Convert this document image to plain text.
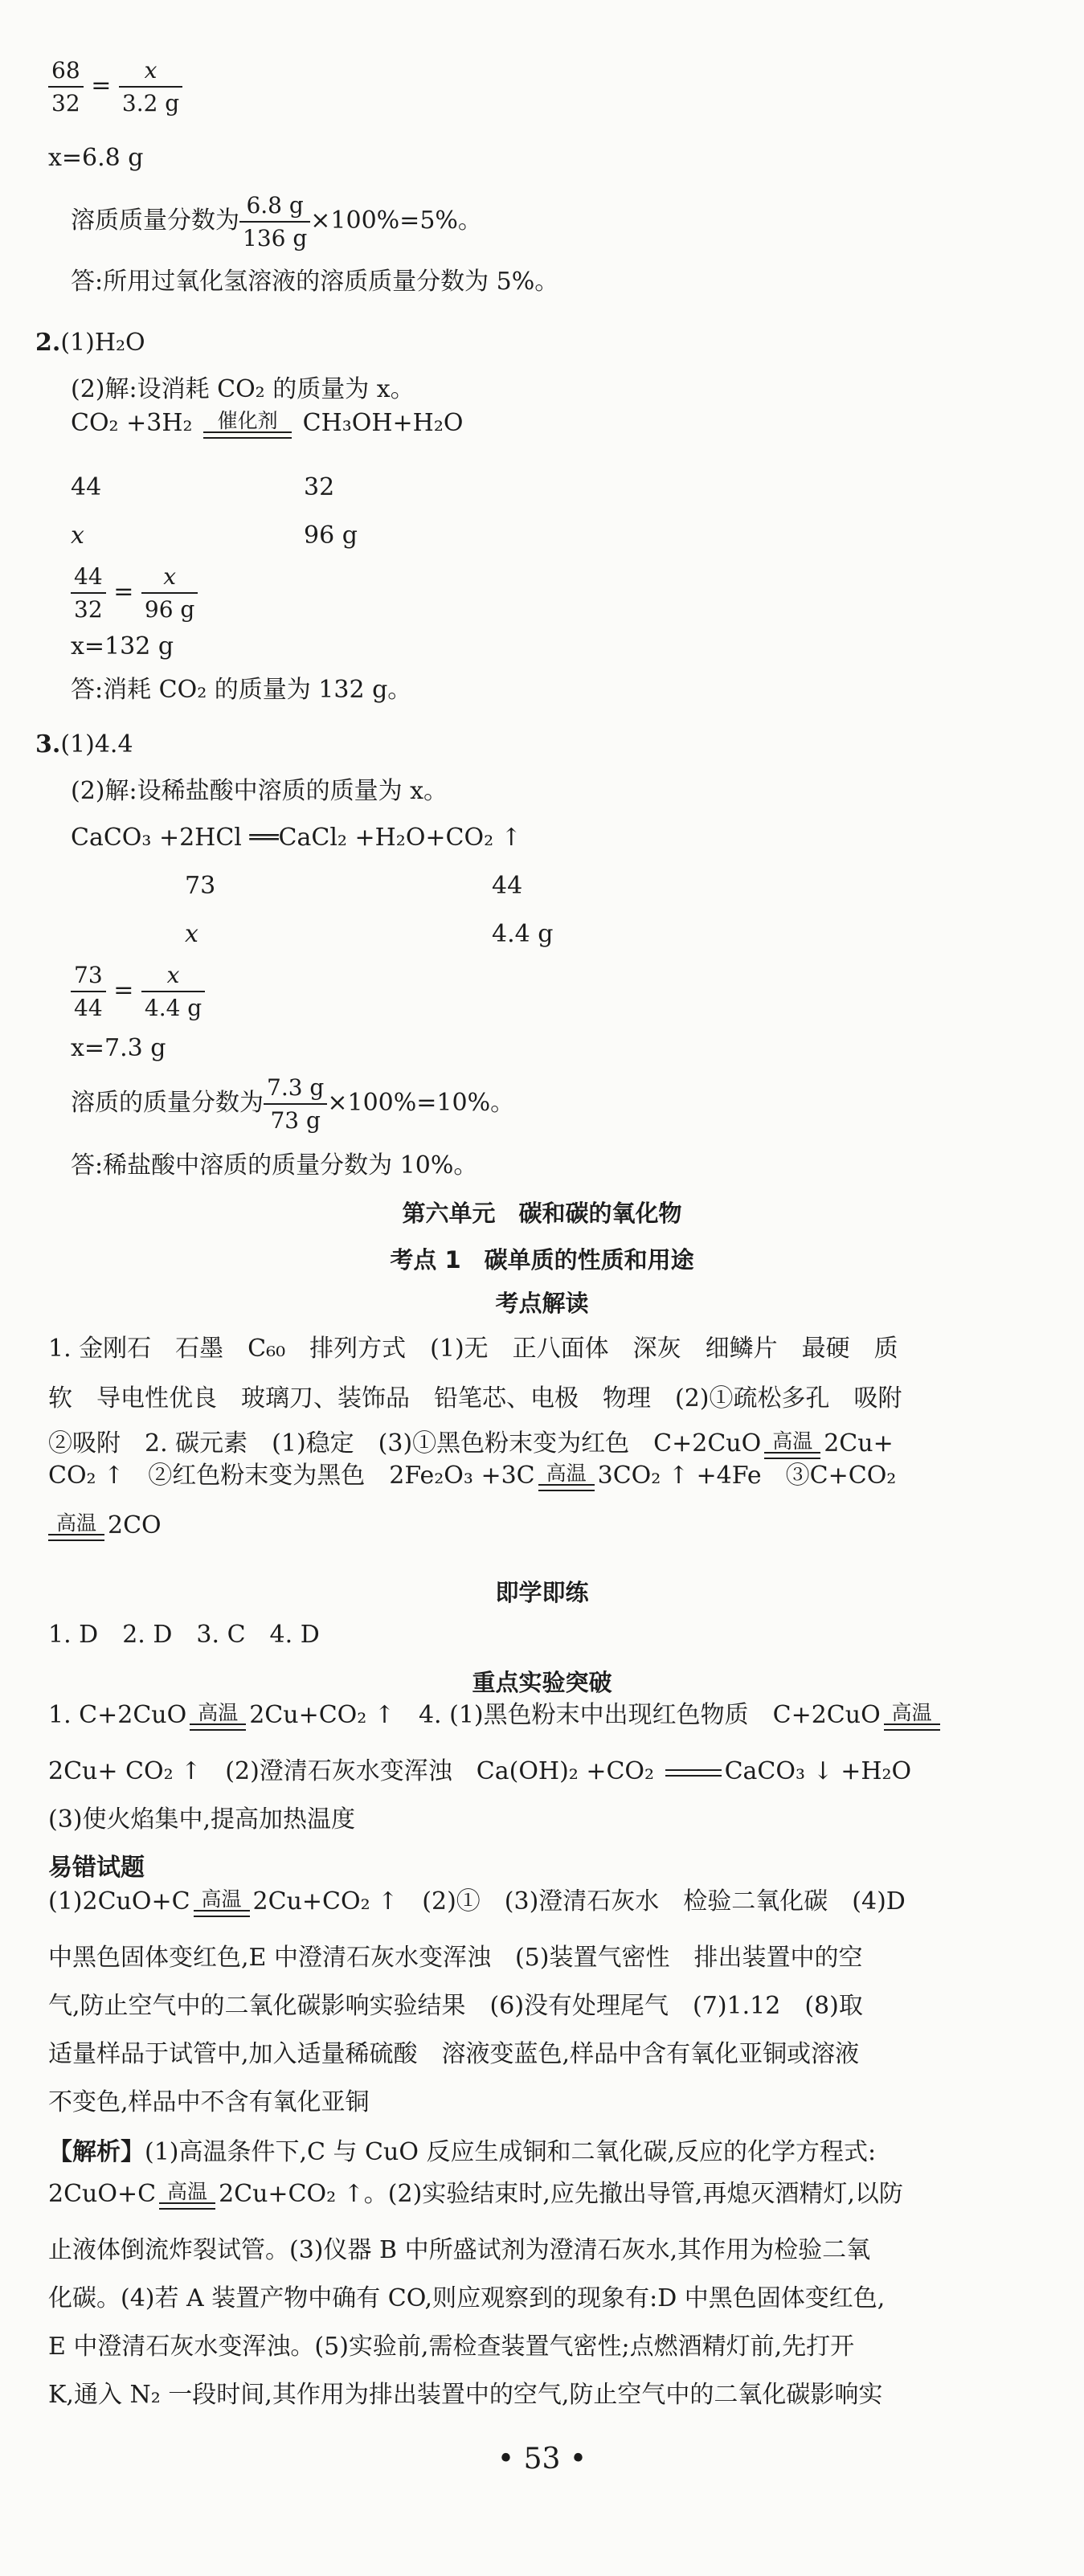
$\frac{68}{32} = \frac{x}{3.2 g}$
x=6.8 g
溶质质量分数为 $\frac{6.8 g}{136 g} \times 100\%=5\%$。
答:所用过氧化氢溶液的溶质质量分数为 5%。
2.(1)H₂O
(2)解:设消耗 CO₂ 的质量为 x。
CO₂ +3H₂	催化剂	CH₃OH+H₂O
44	32
x	96 g
$\frac{44}{32} = \frac{x}{96 g}$
x=132 g
答:消耗 CO₂ 的质量为 132 g。
3.(1)4.4
(2)解:设稀盐酸中溶质的质量为 x。
CaCO₃ +2HCl ══CaCl₂ +H₂O+CO₂ ↑
73	44
x	4.4 g
$\frac{73}{44} = \frac{x}{4.4 g}$
x=7.3 g
溶质的质量分数为 $\frac{7.3 g}{73 g} \times 100\%=10\%$。
答:稀盐酸中溶质的质量分数为 10%。
第六单元　碳和碳的氧化物
考点 1　碳单质的性质和用途
考点解读
1. 金刚石　石墨　C₆₀　排列方式　(1)无　正八面体　深灰　细鳞片　最硬　质
软　导电性优良　玻璃刀、装饰品　铅笔芯、电极　物理　(2)①疏松多孔　吸附
②吸附　2. 碳元素　(1)稳定　(3)①黑色粉末变为红色　C+2CuO 高温 2Cu+
CO₂ ↑　②红色粉末变为黑色　2Fe₂O₃ +3C 高温 3CO₂ ↑ +4Fe　③C+CO₂
高温 2CO
即学即练
1. D　2. D　3. C　4. D
重点实验突破
1. C+2CuO 高温 2Cu+CO₂ ↑　4. (1)黑色粉末中出现红色物质　C+2CuO 高温
2Cu+ CO₂ ↑　(2)澄清石灰水变浑浊　Ca(OH)₂ +CO₂	CaCO₃ ↓ +H₂O
(3)使火焰集中,提高加热温度
易错试题
(1)2CuO+C 高温 2Cu+CO₂ ↑　(2)①　(3)澄清石灰水　检验二氧化碳　(4)D
中黑色固体变红色,E 中澄清石灰水变浑浊　(5)装置气密性　排出装置中的空
气,防止空气中的二氧化碳影响实验结果　(6)没有处理尾气　(7)1.12　(8)取
适量样品于试管中,加入适量稀硫酸　溶液变蓝色,样品中含有氧化亚铜或溶液
不变色,样品中不含有氧化亚铜
【解析】(1)高温条件下,C 与 CuO 反应生成铜和二氧化碳,反应的化学方程式:
2CuO+C 高温 2Cu+CO₂ ↑。(2)实验结束时,应先撤出导管,再熄灭酒精灯,以防
止液体倒流炸裂试管。(3)仪器 B 中所盛试剂为澄清石灰水,其作用为检验二氧
化碳。(4)若 A 装置产物中确有 CO,则应观察到的现象有:D 中黑色固体变红色,
E 中澄清石灰水变浑浊。(5)实验前,需检查装置气密性;点燃酒精灯前,先打开
K,通入 N₂ 一段时间,其作用为排出装置中的空气,防止空气中的二氧化碳影响实
• 53 •
